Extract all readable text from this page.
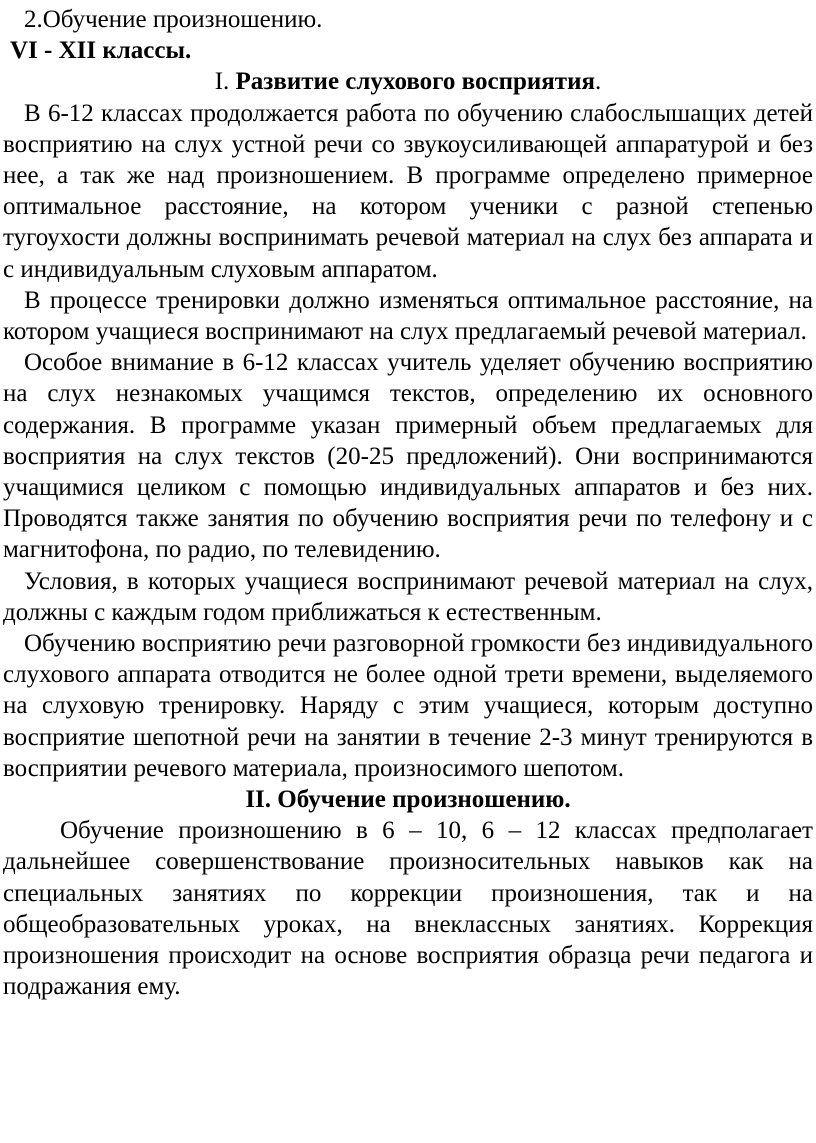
2.Обучение произношению.

VI - XII классы.

I. Развитие слухового восприятия.

В 6-12 классах продолжается работа по обучению слабослышащих детей восприятию на слух устной речи со звукоусиливающей аппаратурой и без нее, а так же над произношением. В программе определено примерное оптимальное расстояние, на котором ученики с разной степенью тугоухости должны воспринимать речевой материал на слух без аппарата и с индивидуальным слуховым аппаратом.

В процессе тренировки должно изменяться оптимальное расстояние, на котором учащиеся воспринимают на слух предлагаемый речевой материал.

Особое внимание в 6-12 классах учитель уделяет обучению восприятию на слух незнакомых учащимся текстов, определению их основного содержания. В программе указан примерный объем предлагаемых для восприятия на слух текстов (20-25 предложений). Они воспринимаются учащимися целиком с помощью индивидуальных аппаратов и без них. Проводятся также занятия по обучению восприятия речи по телефону и с магнитофона, по радио, по телевидению.

Условия, в которых учащиеся воспринимают речевой материал на слух, должны с каждым годом приближаться к естественным.

Обучению восприятию речи разговорной громкости без индивидуального слухового аппарата отводится не более одной трети времени, выделяемого на слуховую тренировку. Наряду с этим учащиеся, которым доступно восприятие шепотной речи на занятии в течение 2-3 минут тренируются в восприятии речевого материала, произносимого шепотом.

II. Обучение произношению.

Обучение произношению в 6 – 10, 6 – 12 классах предполагает дальнейшее совершенствование произносительных навыков как на специальных занятиях по коррекции произношения, так и на общеобразовательных уроках, на внеклассных занятиях. Коррекция произношения происходит на основе восприятия образца речи педагога и подражания ему.
